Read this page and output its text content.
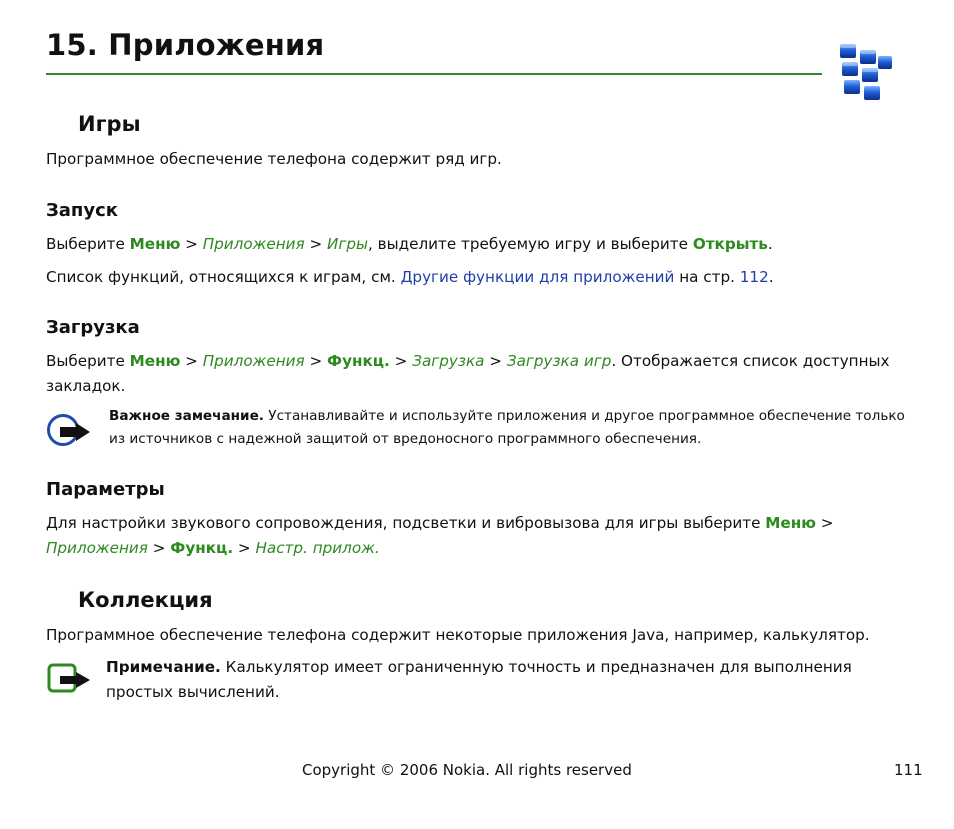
15. Приложения
Игры
Программное обеспечение телефона содержит ряд игр.
Запуск
Выберите Меню > Приложения > Игры, выделите требуемую игру и выберите Открыть.
Список функций, относящихся к играм, см. Другие функции для приложений на стр. 112.
Загрузка
Выберите Меню > Приложения > Функц. > Загрузка > Загрузка игр. Отображается список доступных
закладок.
Важное замечание. Устанавливайте и используйте приложения и другое программное обеспечение только
из источников с надежной защитой от вредоносного программного обеспечения.
Параметры
Для настройки звукового сопровождения, подсветки и вибровызова для игры выберите Меню >
Приложения > Функц. > Настр. прилож.
Коллекция
Программное обеспечение телефона содержит некоторые приложения Java, например, калькулятор.
Примечание. Калькулятор имеет ограниченную точность и предназначен для выполнения
простых вычислений.
Copyright © 2006 Nokia. All rights reserved	111
